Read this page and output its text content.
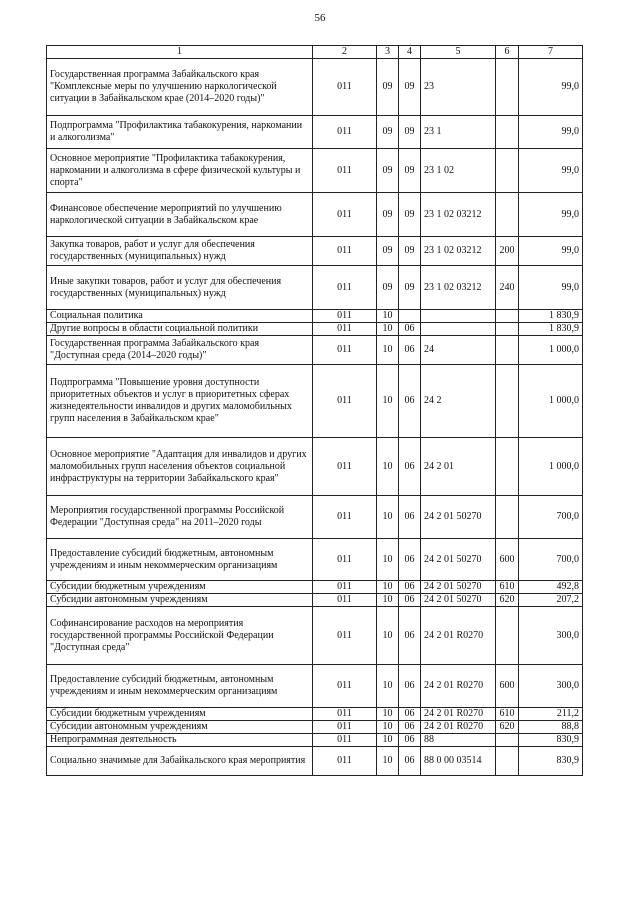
56
1	2	3	4	5	6	7
Государственная программа Забайкальского края "Комплексные меры по улучшению наркологической ситуации в Забайкальском крае (2014–2020 годы)"	011	09	09	23		99,0
Подпрограмма "Профилактика табакокурения, наркомании и алкоголизма"	011	09	09	23 1		99,0
Основное мероприятие "Профилактика табакокурения, наркомании и алкоголизма в сфере физической культуры и спорта"	011	09	09	23 1 02		99,0
Финансовое обеспечение мероприятий по улучшению наркологической ситуации в Забайкальском крае	011	09	09	23 1 02 03212		99,0
Закупка товаров, работ и услуг для обеспечения государственных (муниципальных) нужд	011	09	09	23 1 02 03212	200	99,0
Иные закупки товаров, работ и услуг для обеспечения государственных (муниципальных) нужд	011	09	09	23 1 02 03212	240	99,0
Социальная политика	011	10				1 830,9
Другие вопросы в области социальной политики	011	10	06			1 830,9
Государственная программа Забайкальского края "Доступная среда (2014–2020 годы)"	011	10	06	24		1 000,0
Подпрограмма "Повышение уровня доступности приоритетных объектов и услуг в приоритетных сферах жизнедеятельности инвалидов и других маломобильных групп населения в Забайкальском крае"	011	10	06	24 2		1 000,0
Основное мероприятие "Адаптация для инвалидов и других маломобильных групп населения объектов социальной инфраструктуры на территории Забайкальского края"	011	10	06	24 2 01		1 000,0
Мероприятия государственной программы Российской Федерации "Доступная среда" на 2011–2020 годы	011	10	06	24 2 01 50270		700,0
Предоставление субсидий бюджетным, автономным учреждениям и иным некоммерческим организациям	011	10	06	24 2 01 50270	600	700,0
Субсидии бюджетным учреждениям	011	10	06	24 2 01 50270	610	492,8
Субсидии автономным учреждениям	011	10	06	24 2 01 50270	620	207,2
Софинансирование расходов на мероприятия государственной программы Российской Федерации "Доступная среда"	011	10	06	24 2 01 R0270		300,0
Предоставление субсидий бюджетным, автономным учреждениям и иным некоммерческим организациям	011	10	06	24 2 01 R0270	600	300,0
Субсидии бюджетным учреждениям	011	10	06	24 2 01 R0270	610	211,2
Субсидии автономным учреждениям	011	10	06	24 2 01 R0270	620	88,8
Непрограммная деятельность	011	10	06	88		830,9
Социально значимые для Забайкальского края мероприятия	011	10	06	88 0 00 03514		830,9
